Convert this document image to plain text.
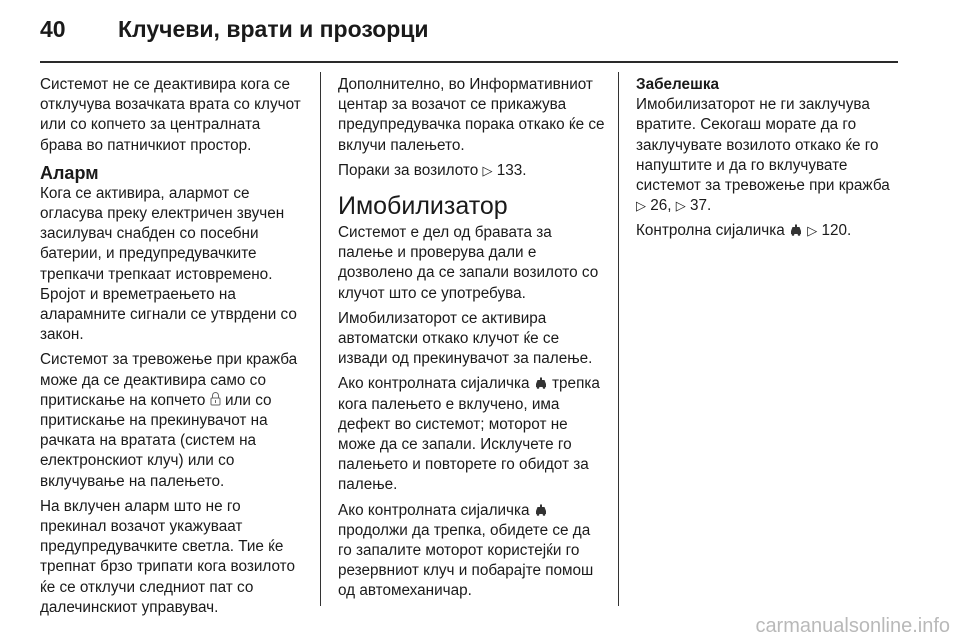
40	Клучеви, врати и прозорци

Системот не се деактивира кога се отклучува возачката врата со клучот или со копчето за централната брава во патничкиот простор.

Аларм

Кога се активира, алармот се огласува преку електричен звучен засилувач снабден со посебни батерии, и предупредувачките трепкачи трепкаат истовремено. Бројот и времетраењето на аларамните сигнали се утврдени со закон.

Системот за тревожење при кражба може да се деактивира само со притискање на копчето или со притискање на прекинувачот на рачката на вратата (систем на електронскиот клуч) или со вклучување на палењето.

На вклучен аларм што не го прекинал возачот укажуваат предупредувачките светла. Тие ќе трепнат брзо трипати кога возилото ќе се отклучи следниот пат со далечинскиот управувач.

Дополнително, во Информативниот центар за возачот се прикажува предупредувачка порака откако ќе се вклучи палењето.

Пораки за возилото ▷ 133.

Имобилизатор

Системот е дел од бравата за палење и проверува дали е дозволено да се запали возилото со клучот што се употребува.

Имобилизаторот се активира автоматски откако клучот ќе се извади од прекинувачот за палење.

Ако контролната сијаличка трепка кога палењето е вклучено, има дефект во системот; моторот не може да се запали. Исклучете го палењето и повторете го обидот за палење.

Ако контролната сијаличка  продолжи да трепка, обидете се да го запалите моторот користејќи го резервниот клуч и побарајте помош од автомеханичар.

Забелешка
Имобилизаторот не ги заклучува вратите. Секогаш морате да го заклучувате возилото откако ќе го напуштите и да го вклучувате системот за тревожење при кражба ▷ 26, ▷ 37.

Контролна сијаличка ▷ 120.

carmanualsonline.info
